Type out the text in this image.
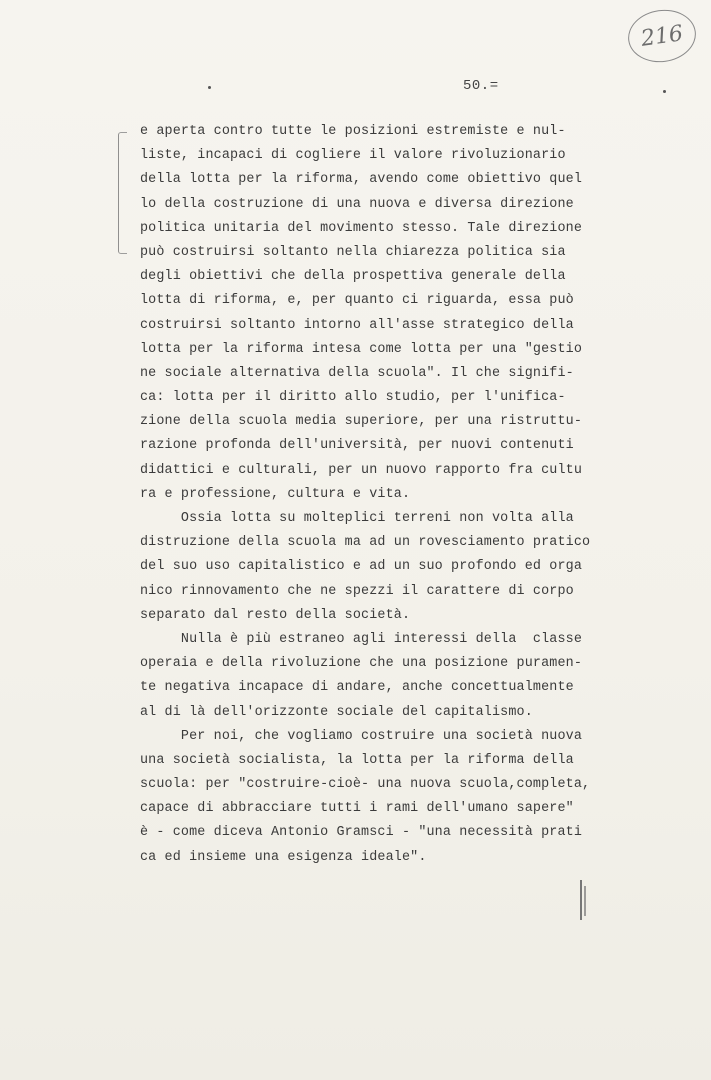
216
50.=
e aperta contro tutte le posizioni estremiste e nul-
liste, incapaci di cogliere il valore rivoluzionario
della lotta per la riforma, avendo come obiettivo quel
lo della costruzione di una nuova e diversa direzione
politica unitaria del movimento stesso. Tale direzione
può costruirsi soltanto nella chiarezza politica sia
degli obiettivi che della prospettiva generale della
lotta di riforma, e, per quanto ci riguarda, essa può
costruirsi soltanto intorno all'asse strategico della
lotta per la riforma intesa come lotta per una "gestio
ne sociale alternativa della scuola". Il che signifi-
ca: lotta per il diritto allo studio, per l'unifica-
zione della scuola media superiore, per una ristruttu-
razione profonda dell'università, per nuovi contenuti
didattici e culturali, per un nuovo rapporto fra cultu
ra e professione, cultura e vita.
Ossia lotta su molteplici terreni non volta alla
distruzione della scuola ma ad un rovesciamento pratico
del suo uso capitalistico e ad un suo profondo ed orga
nico rinnovamento che ne spezzi il carattere di corpo
separato dal resto della società.
Nulla è più estraneo agli interessi della  classe
operaia e della rivoluzione che una posizione puramen-
te negativa incapace di andare, anche concettualmente
al di là dell'orizzonte sociale del capitalismo.
Per noi, che vogliamo costruire una società nuova
una società socialista, la lotta per la riforma della
scuola: per "costruire-cioè- una nuova scuola,completa,
capace di abbracciare tutti i rami dell'umano sapere"
è - come diceva Antonio Gramsci - "una necessità prati
ca ed insieme una esigenza ideale".
